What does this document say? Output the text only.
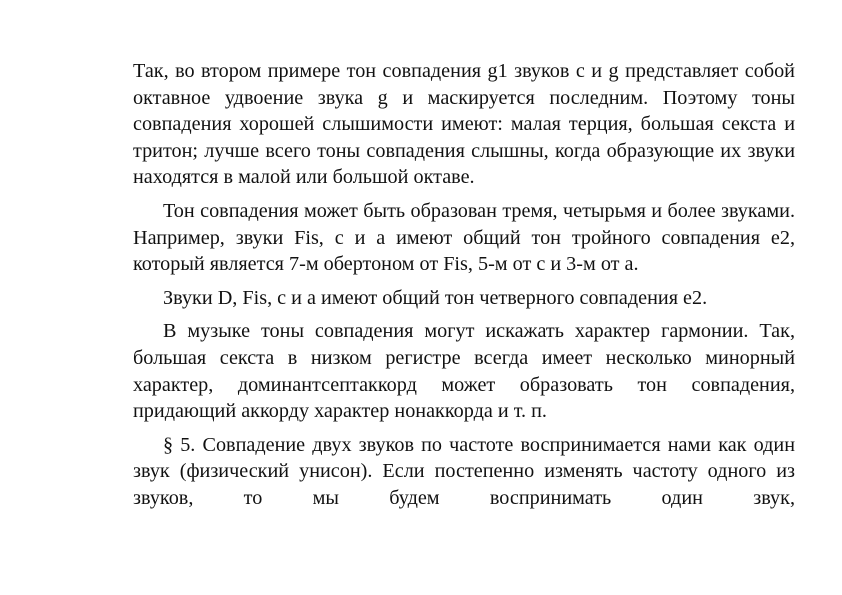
Так, во втором примере тон совпадения g1 звуков с и g представляет собой октавное удвоение звука g и маскируется последним. Поэтому тоны совпадения хорошей слышимости имеют: малая терция, большая секста и тритон; лучше всего тоны совпадения слышны, когда образующие их звуки находятся в малой или большой октаве.

Тон совпадения может быть образован тремя, четырьмя и более звуками. Например, звуки Fis, с и а имеют общий тон тройного совпадения е2, который является 7-м обертоном от Fis, 5-м от с и 3-м от а.

Звуки D, Fis, с и а имеют общий тон четверного совпадения е2.

В музыке тоны совпадения могут искажать характер гармонии. Так, большая секста в низком регистре всегда имеет несколько минорный характер, доминантсептаккорд может образовать тон совпадения, придающий аккорду характер нонаккорда и т. п.

§ 5. Совпадение двух звуков по частоте воспринимается нами как один звук (физический унисон). Если постепенно изменять частоту одного из звуков, то мы будем воспринимать один звук,
